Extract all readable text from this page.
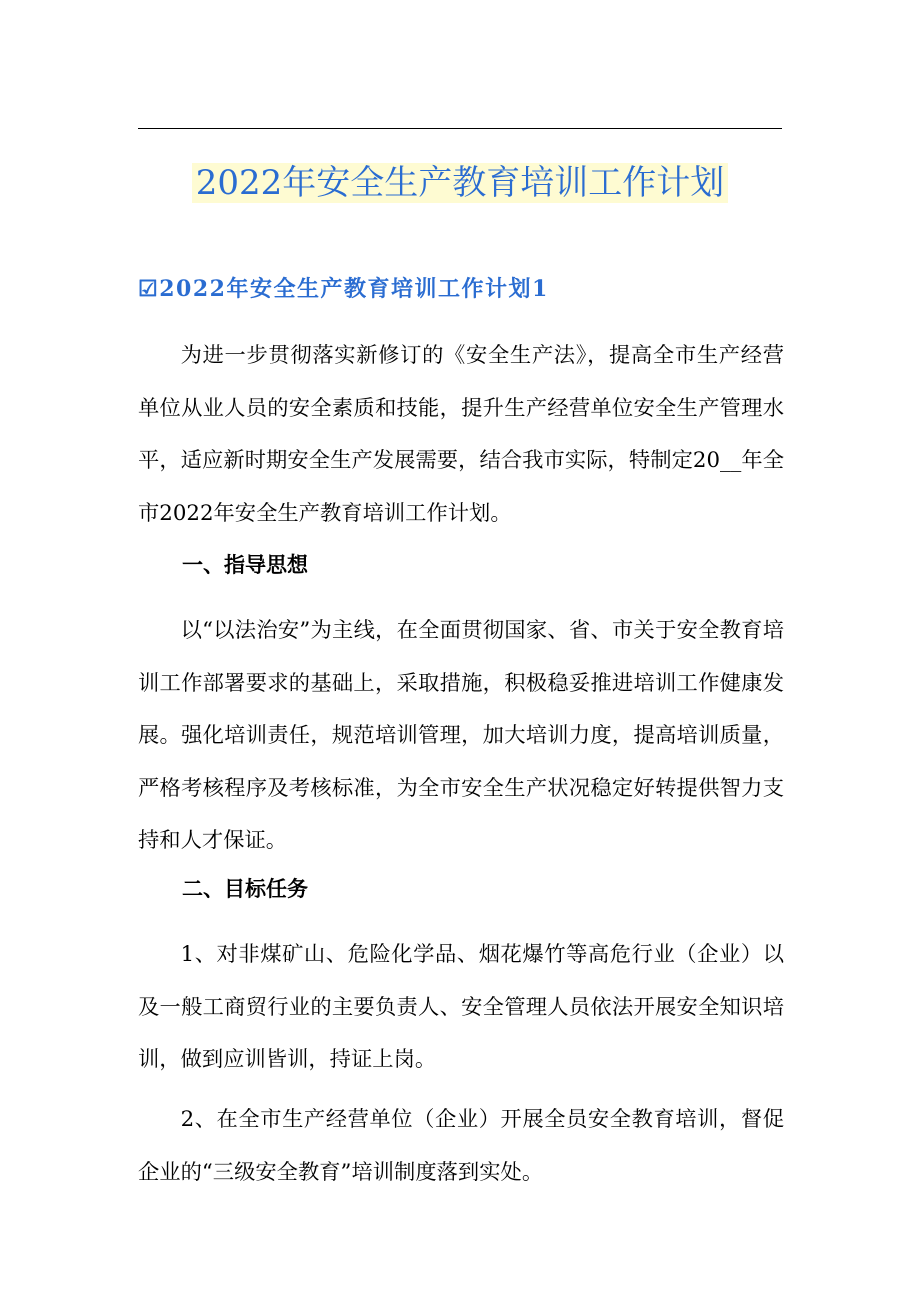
2022年安全生产教育培训工作计划
☑2022年安全生产教育培训工作计划1

为进一步贯彻落实新修订的《安全生产法》，提高全市生产经营单位从业人员的安全素质和技能，提升生产经营单位安全生产管理水平，适应新时期安全生产发展需要，结合我市实际，特制定20__年全市2022年安全生产教育培训工作计划。

一、指导思想

以“以法治安”为主线，在全面贯彻国家、省、市关于安全教育培训工作部署要求的基础上，采取措施，积极稳妥推进培训工作健康发展。强化培训责任，规范培训管理，加大培训力度，提高培训质量，严格考核程序及考核标准，为全市安全生产状况稳定好转提供智力支持和人才保证。

二、目标任务

1、对非煤矿山、危险化学品、烟花爆竹等高危行业（企业）以及一般工商贸行业的主要负责人、安全管理人员依法开展安全知识培训，做到应训皆训，持证上岗。

2、在全市生产经营单位（企业）开展全员安全教育培训，督促企业的“三级安全教育”培训制度落到实处。
